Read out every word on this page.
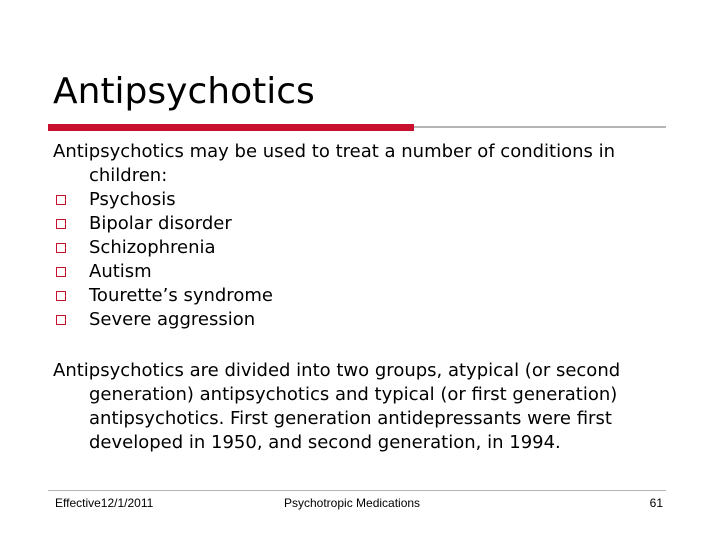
Antipsychotics

Antipsychotics may be used to treat a number of conditions in children:

Psychosis
Bipolar disorder
Schizophrenia
Autism
Tourette’s syndrome
Severe aggression

Antipsychotics are divided into two groups, atypical (or second generation) antipsychotics and typical (or first generation) antipsychotics. First generation antidepressants were first developed in 1950, and second generation, in 1994.

Effective12/1/2011	Psychotropic Medications	61
